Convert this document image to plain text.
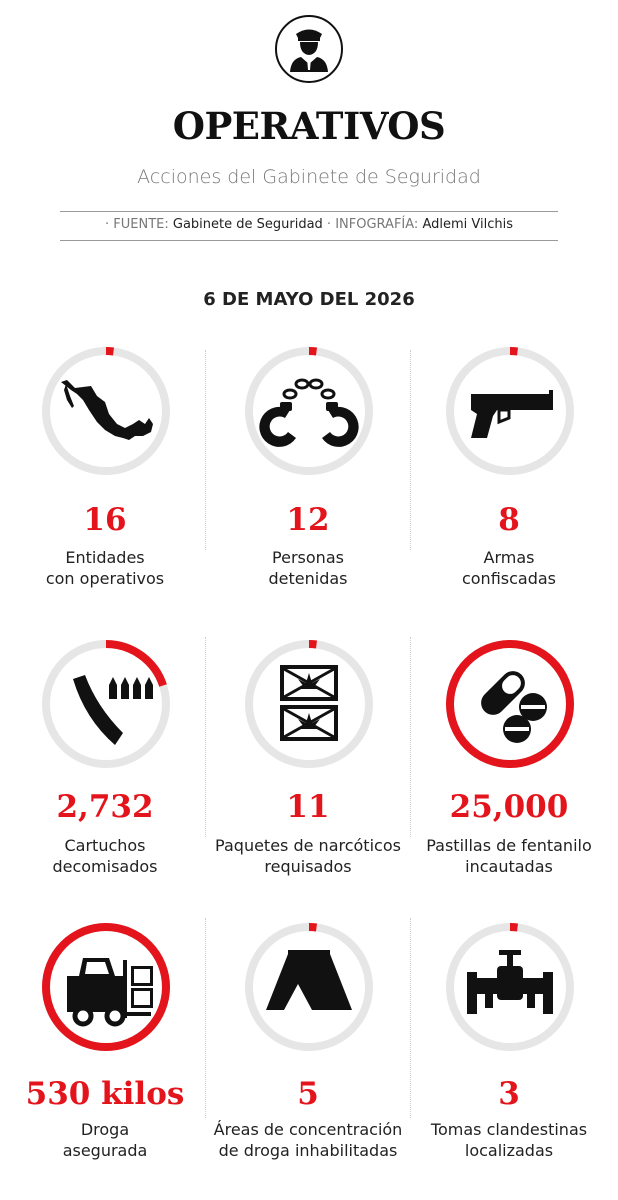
OPERATIVOS
Acciones del Gabinete de Seguridad
· FUENTE: Gabinete de Seguridad · INFOGRAFÍA: Adlemi Vilchis
6 DE MAYO DEL 2026
16
Entidades
con operativos
12
Personas
detenidas
8
Armas
confiscadas
2,732
Cartuchos
decomisados
11
Paquetes de narcóticos
requisados
25,000
Pastillas de fentanilo
incautadas
530 kilos
Droga
asegurada
5
Áreas de concentración
de droga inhabilitadas
3
Tomas clandestinas
localizadas
